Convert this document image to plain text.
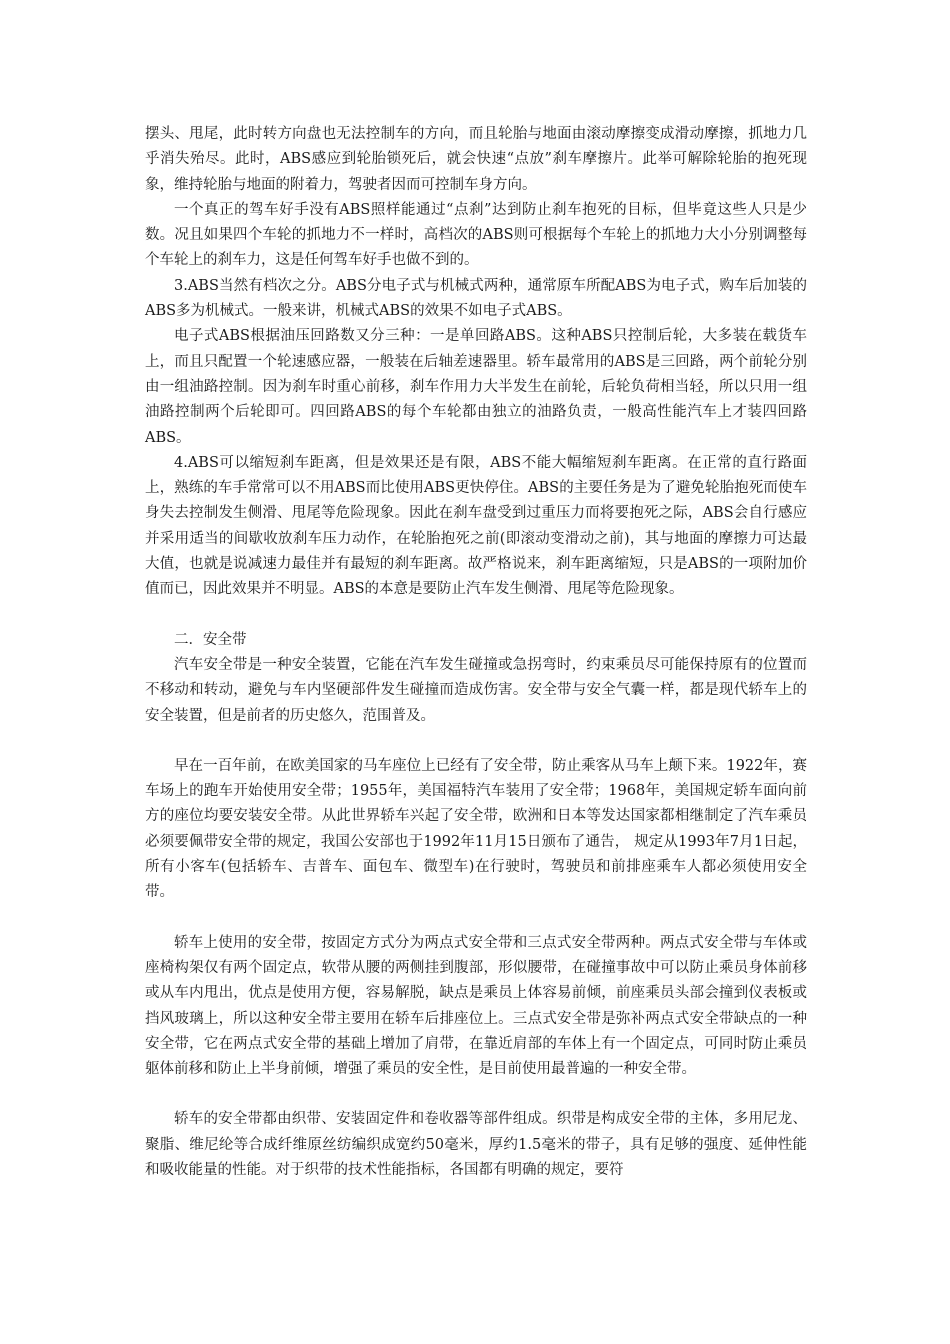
摆头、甩尾，此时转方向盘也无法控制车的方向，而且轮胎与地面由滚动摩擦变成滑动摩擦，抓地力几乎消失殆尽。此时，ABS感应到轮胎锁死后，就会快速“点放”刹车摩擦片。此举可解除轮胎的抱死现象，维持轮胎与地面的附着力，驾驶者因而可控制车身方向。

一个真正的驾车好手没有ABS照样能通过“点刹”达到防止刹车抱死的目标，但毕竟这些人只是少数。况且如果四个车轮的抓地力不一样时，高档次的ABS则可根据每个车轮上的抓地力大小分别调整每个车轮上的刹车力，这是任何驾车好手也做不到的。

3.ABS当然有档次之分。ABS分电子式与机械式两种，通常原车所配ABS为电子式，购车后加装的ABS多为机械式。一般来讲，机械式ABS的效果不如电子式ABS。

电子式ABS根据油压回路数又分三种：一是单回路ABS。这种ABS只控制后轮，大多装在载货车上，而且只配置一个轮速感应器，一般装在后轴差速器里。轿车最常用的ABS是三回路，两个前轮分别由一组油路控制。因为刹车时重心前移，刹车作用力大半发生在前轮，后轮负荷相当轻，所以只用一组油路控制两个后轮即可。四回路ABS的每个车轮都由独立的油路负责，一般高性能汽车上才装四回路ABS。

4.ABS可以缩短刹车距离，但是效果还是有限，ABS不能大幅缩短刹车距离。在正常的直行路面上，熟练的车手常常可以不用ABS而比使用ABS更快停住。ABS的主要任务是为了避免轮胎抱死而使车身失去控制发生侧滑、甩尾等危险现象。因此在刹车盘受到过重压力而将要抱死之际，ABS会自行感应并采用适当的间歇收放刹车压力动作，在轮胎抱死之前(即滚动变滑动之前)，其与地面的摩擦力可达最大值，也就是说减速力最佳并有最短的刹车距离。故严格说来，刹车距离缩短，只是ABS的一项附加价值而已，因此效果并不明显。ABS的本意是要防止汽车发生侧滑、甩尾等危险现象。

二．安全带

汽车安全带是一种安全装置，它能在汽车发生碰撞或急拐弯时，约束乘员尽可能保持原有的位置而不移动和转动，避免与车内坚硬部件发生碰撞而造成伤害。安全带与安全气囊一样，都是现代轿车上的安全装置，但是前者的历史悠久，范围普及。

早在一百年前，在欧美国家的马车座位上已经有了安全带，防止乘客从马车上颠下来。1922年，赛车场上的跑车开始使用安全带；1955年，美国福特汽车装用了安全带；1968年，美国规定轿车面向前方的座位均要安装安全带。从此世界轿车兴起了安全带，欧洲和日本等发达国家都相继制定了汽车乘员必须要佩带安全带的规定，我国公安部也于1992年11月15日颁布了通告， 规定从1993年7月1日起，所有小客车(包括轿车、吉普车、面包车、微型车)在行驶时，驾驶员和前排座乘车人都必须使用安全带。

轿车上使用的安全带，按固定方式分为两点式安全带和三点式安全带两种。两点式安全带与车体或座椅构架仅有两个固定点，软带从腰的两侧挂到腹部，形似腰带，在碰撞事故中可以防止乘员身体前移或从车内甩出，优点是使用方便，容易解脱，缺点是乘员上体容易前倾，前座乘员头部会撞到仪表板或挡风玻璃上，所以这种安全带主要用在轿车后排座位上。三点式安全带是弥补两点式安全带缺点的一种安全带，它在两点式安全带的基础上增加了肩带，在靠近肩部的车体上有一个固定点，可同时防止乘员躯体前移和防止上半身前倾，增强了乘员的安全性，是目前使用最普遍的一种安全带。

轿车的安全带都由织带、安装固定件和卷收器等部件组成。织带是构成安全带的主体，多用尼龙、聚脂、维尼纶等合成纤维原丝纺编织成宽约50毫米，厚约1.5毫米的带子，具有足够的强度、延伸性能和吸收能量的性能。对于织带的技术性能指标，各国都有明确的规定，要符
